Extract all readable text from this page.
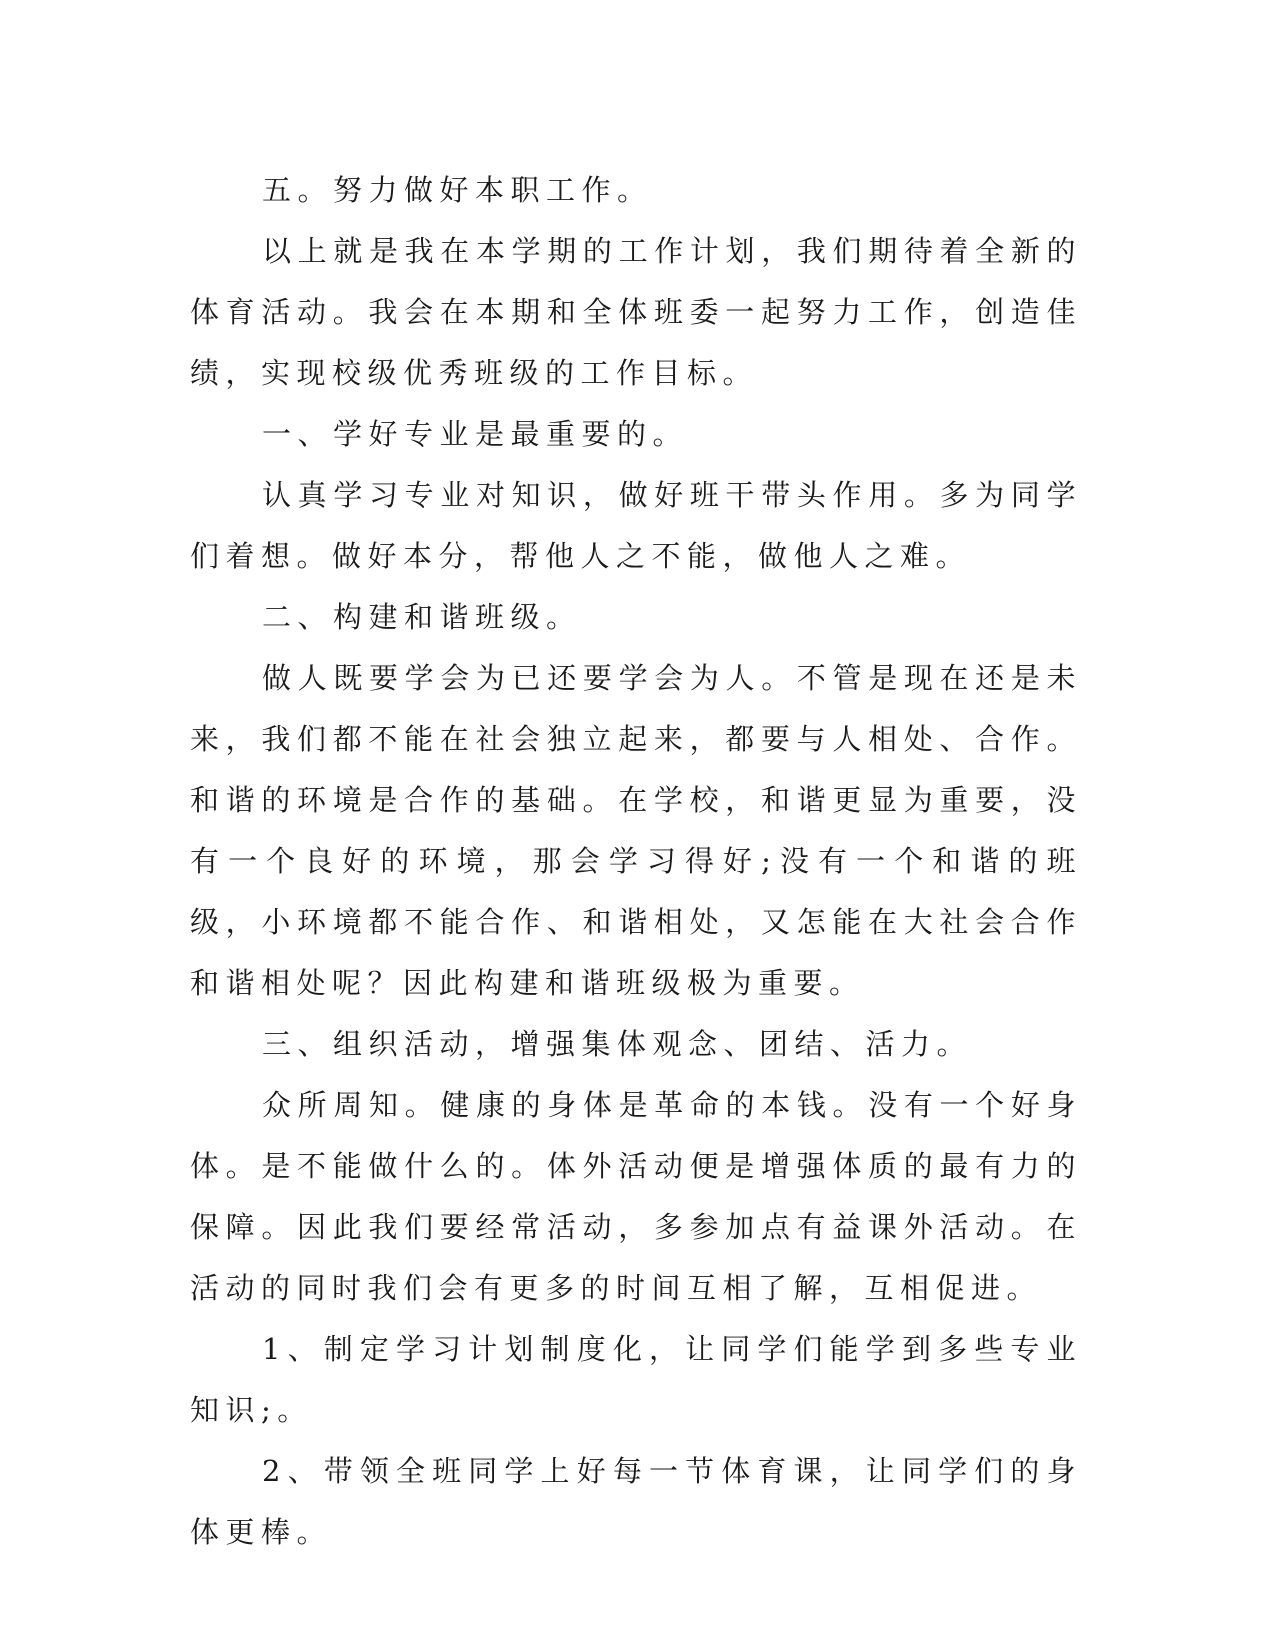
五。努力做好本职工作。

以上就是我在本学期的工作计划，我们期待着全新的体育活动。我会在本期和全体班委一起努力工作，创造佳绩，实现校级优秀班级的工作目标。

一、学好专业是最重要的。

认真学习专业对知识，做好班干带头作用。多为同学们着想。做好本分，帮他人之不能，做他人之难。

二、构建和谐班级。

做人既要学会为已还要学会为人。不管是现在还是未来，我们都不能在社会独立起来，都要与人相处、合作。和谐的环境是合作的基础。在学校，和谐更显为重要，没有一个良好的环境，那会学习得好;没有一个和谐的班级，小环境都不能合作、和谐相处，又怎能在大社会合作和谐相处呢？因此构建和谐班级极为重要。

三、组织活动，增强集体观念、团结、活力。

众所周知。健康的身体是革命的本钱。没有一个好身体。是不能做什么的。体外活动便是增强体质的最有力的保障。因此我们要经常活动，多参加点有益课外活动。在活动的同时我们会有更多的时间互相了解，互相促进。

1、制定学习计划制度化，让同学们能学到多些专业知识;。

2、带领全班同学上好每一节体育课，让同学们的身体更棒。
